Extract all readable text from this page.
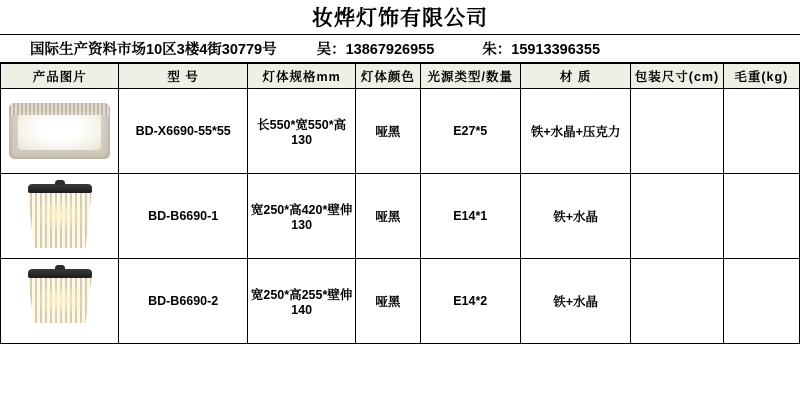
妆烨灯饰有限公司
国际生产资料市场10区3楼4街30779号	吴：13867926955	朱：15913396355
产品图片	型 号	灯体规格mm	灯体颜色	光源类型/数量	材 质	包装尺寸(cm)	毛重(kg)

	BD-X6690-55*55	长550*宽550*高130	哑黑	E27*5	铁+水晶+压克力		

	BD-B6690-1	宽250*高420*壁伸130	哑黑	E14*1	铁+水晶		

	BD-B6690-2	宽250*高255*壁伸140	哑黑	E14*2	铁+水晶		
